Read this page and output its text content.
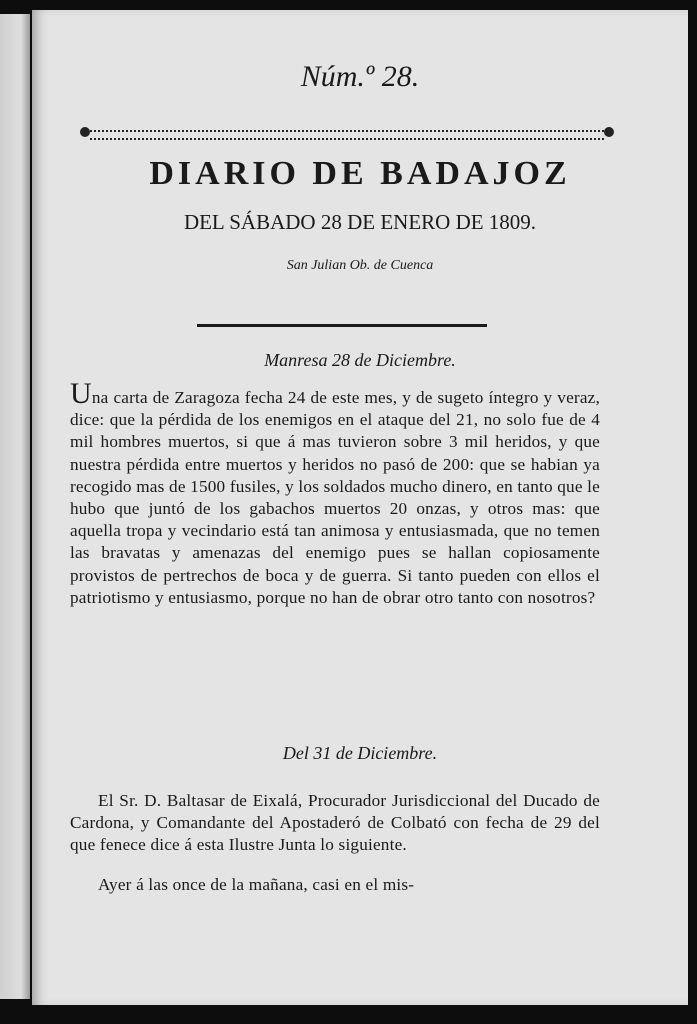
Núm.º 28.
DIARIO DE BADAJOZ
DEL SÁBADO 28 DE ENERO DE 1809.
San Julian Ob. de Cuenca
Manresa 28 de Diciembre.
Una carta de Zaragoza fecha 24 de este mes, y de sugeto íntegro y veraz, dice: que la pérdida de los enemigos en el ataque del 21, no solo fue de 4 mil hombres muertos, si que á mas tuvieron sobre 3 mil heridos, y que nuestra pérdida entre muertos y heridos no pasó de 200: que se habian ya recogido mas de 1500 fusiles, y los soldados mucho dinero, en tanto que le hubo que juntó de los gabachos muertos 20 onzas, y otros mas: que aquella tropa y vecindario está tan animosa y entusiasmada, que no temen las bravatas y amenazas del enemigo pues se hallan copiosamente provistos de pertrechos de boca y de guerra. Si tanto pueden con ellos el patriotismo y entusiasmo, porque no han de obrar otro tanto con nosotros?
Del 31 de Diciembre.
El Sr. D. Baltasar de Eixalá, Procurador Jurisdiccional del Ducado de Cardona, y Comandante del Apostaderó de Colbató con fecha de 29 del que fenece dice á esta Ilustre Junta lo siguiente.
Ayer á las once de la mañana, casi en el mis-
